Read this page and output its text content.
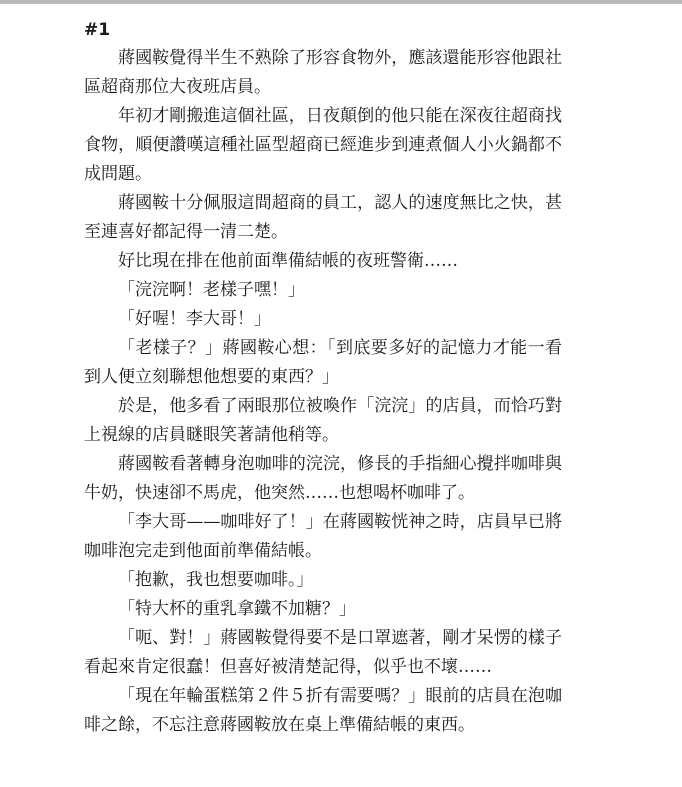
#1

蔣國鞍覺得半生不熟除了形容食物外，應該還能形容他跟社區超商那位大夜班店員。

年初才剛搬進這個社區，日夜顛倒的他只能在深夜往超商找食物，順便讚嘆這種社區型超商已經進步到連煮個人小火鍋都不成問題。

蔣國鞍十分佩服這間超商的員工，認人的速度無比之快，甚至連喜好都記得一清二楚。

好比現在排在他前面準備結帳的夜班警衛……

「浣浣啊！老樣子嘿！」

「好喔！李大哥！」

「老樣子？」蔣國鞍心想：「到底要多好的記憶力才能一看到人便立刻聯想他想要的東西？」

於是，他多看了兩眼那位被喚作「浣浣」的店員，而恰巧對上視線的店員瞇眼笑著請他稍等。

蔣國鞍看著轉身泡咖啡的浣浣，修長的手指細心攪拌咖啡與牛奶，快速卻不馬虎，他突然……也想喝杯咖啡了。

「李大哥——咖啡好了！」在蔣國鞍恍神之時，店員早已將咖啡泡完走到他面前準備結帳。

「抱歉，我也想要咖啡。」

「特大杯的重乳拿鐵不加糖？」

「呃、對！」蔣國鞍覺得要不是口罩遮著，剛才呆愣的樣子看起來肯定很蠢！但喜好被清楚記得，似乎也不壞……

「現在年輪蛋糕第２件５折有需要嗎？」眼前的店員在泡咖啡之餘，不忘注意蔣國鞍放在桌上準備結帳的東西。
